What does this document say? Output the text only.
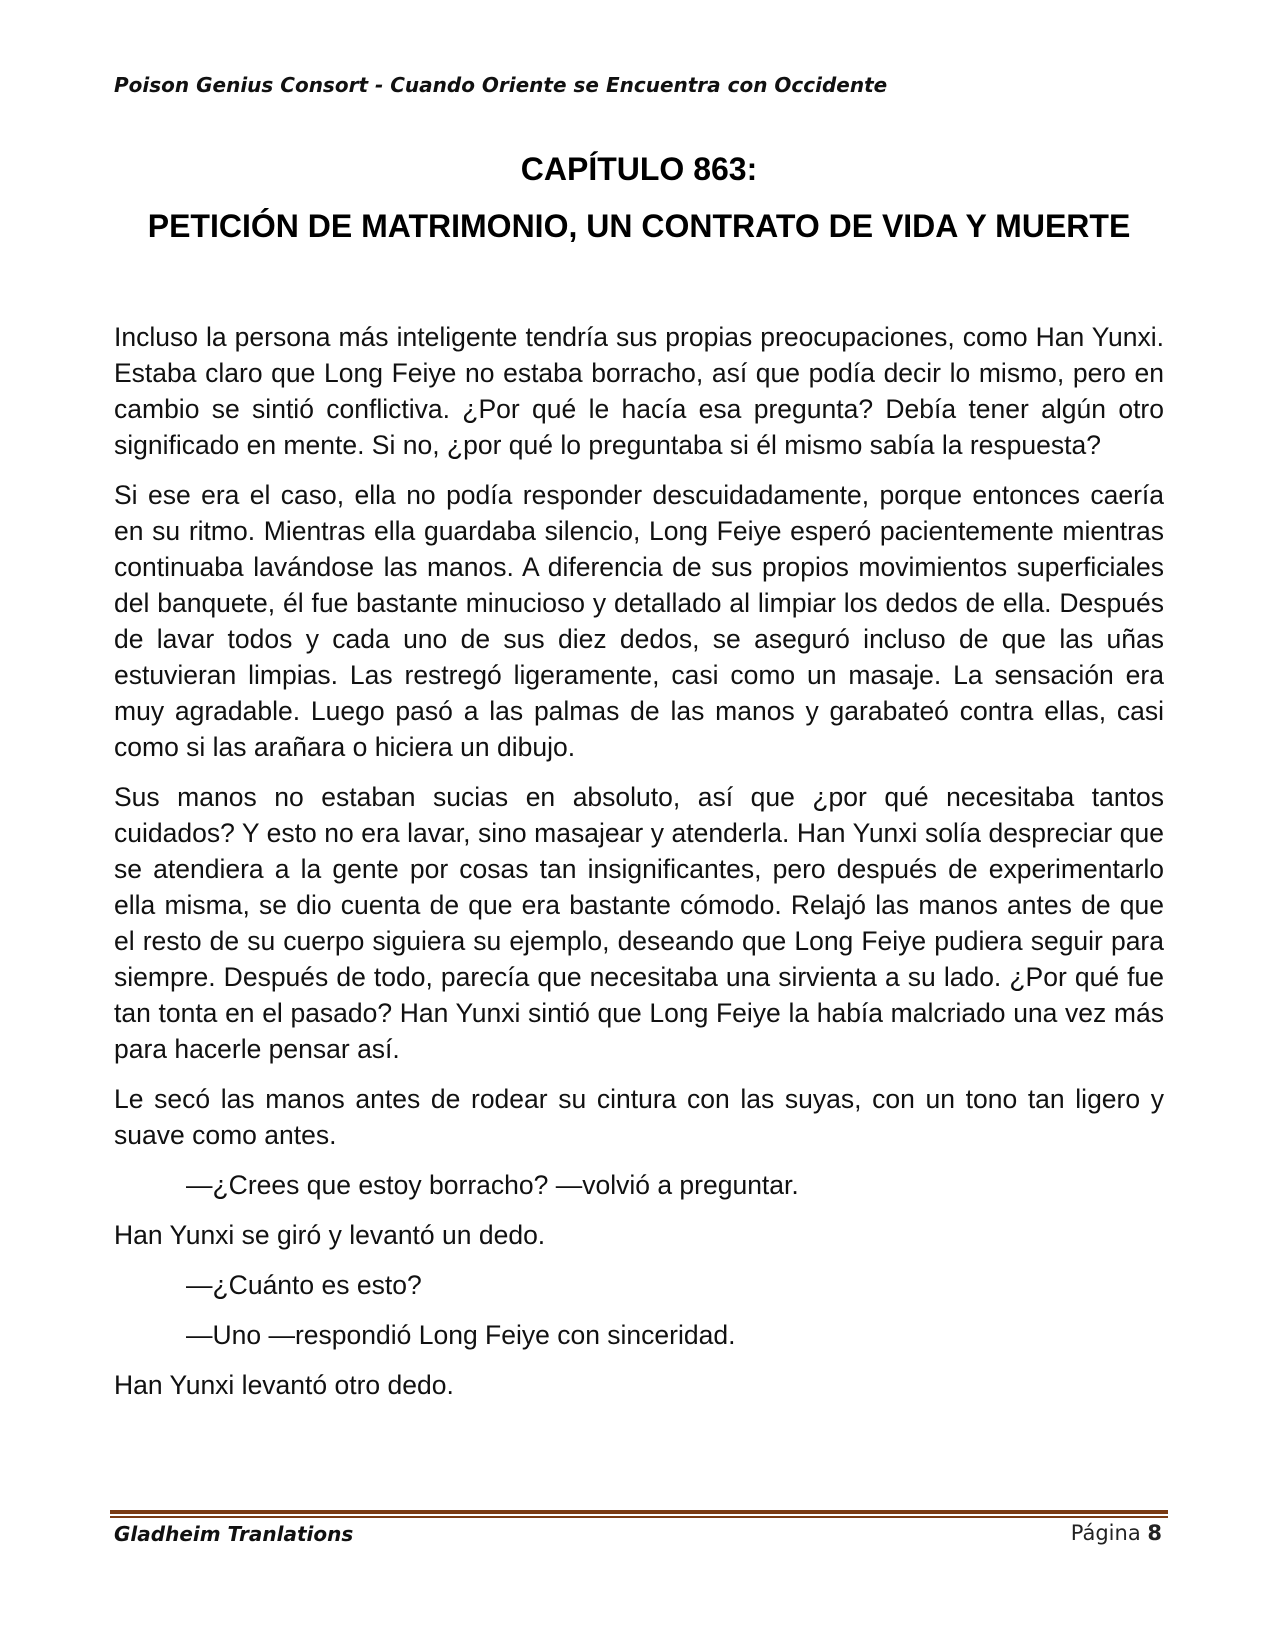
Poison Genius Consort - Cuando Oriente se Encuentra con Occidente
CAPÍTULO 863:
PETICIÓN DE MATRIMONIO, UN CONTRATO DE VIDA Y MUERTE

Incluso la persona más inteligente tendría sus propias preocupaciones, como Han Yunxi. Estaba claro que Long Feiye no estaba borracho, así que podía decir lo mismo, pero en cambio se sintió conflictiva. ¿Por qué le hacía esa pregunta? Debía tener algún otro significado en mente. Si no, ¿por qué lo preguntaba si él mismo sabía la respuesta?

Si ese era el caso, ella no podía responder descuidadamente, porque entonces caería en su ritmo. Mientras ella guardaba silencio, Long Feiye esperó pacientemente mientras continuaba lavándose las manos. A diferencia de sus propios movimientos superficiales del banquete, él fue bastante minucioso y detallado al limpiar los dedos de ella. Después de lavar todos y cada uno de sus diez dedos, se aseguró incluso de que las uñas estuvieran limpias. Las restregó ligeramente, casi como un masaje. La sensación era muy agradable. Luego pasó a las palmas de las manos y garabateó contra ellas, casi como si las arañara o hiciera un dibujo.

Sus manos no estaban sucias en absoluto, así que ¿por qué necesitaba tantos cuidados? Y esto no era lavar, sino masajear y atenderla. Han Yunxi solía despreciar que se atendiera a la gente por cosas tan insignificantes, pero después de experimentarlo ella misma, se dio cuenta de que era bastante cómodo. Relajó las manos antes de que el resto de su cuerpo siguiera su ejemplo, deseando que Long Feiye pudiera seguir para siempre. Después de todo, parecía que necesitaba una sirvienta a su lado. ¿Por qué fue tan tonta en el pasado? Han Yunxi sintió que Long Feiye la había malcriado una vez más para hacerle pensar así.

Le secó las manos antes de rodear su cintura con las suyas, con un tono tan ligero y suave como antes.

—¿Crees que estoy borracho? —volvió a preguntar.

Han Yunxi se giró y levantó un dedo.

—¿Cuánto es esto?

—Uno —respondió Long Feiye con sinceridad.

Han Yunxi levantó otro dedo.

Gladheim Tranlations	Página 8
